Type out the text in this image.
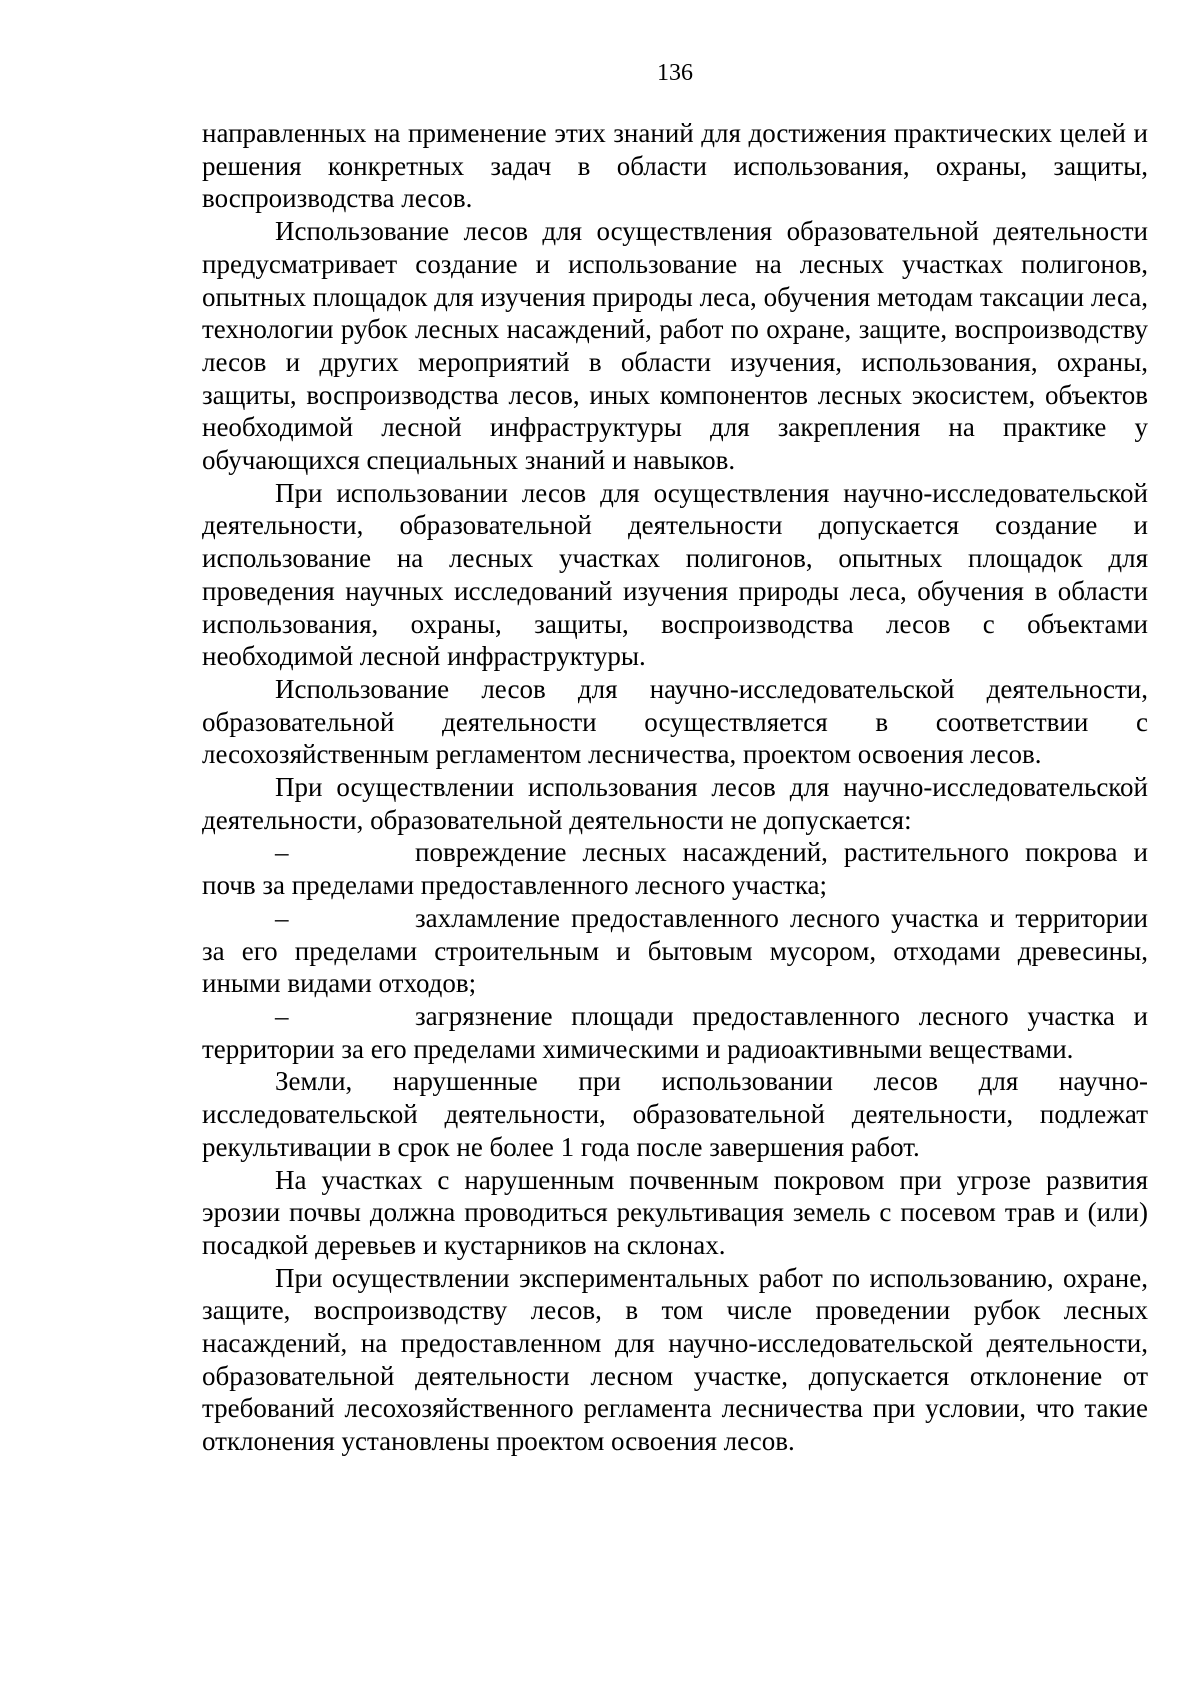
136

направленных на применение этих знаний для достижения практических целей и решения конкретных задач в области использования, охраны, защиты, воспроизводства лесов.

Использование лесов для осуществления образовательной деятельности предусматривает создание и использование на лесных участках полигонов, опытных площадок для изучения природы леса, обучения методам таксации леса, технологии рубок лесных насаждений, работ по охране, защите, воспроизводству лесов и других мероприятий в области изучения, использования, охраны, защиты, воспроизводства лесов, иных компонентов лесных экосистем, объектов необходимой лесной инфраструктуры для закрепления на практике у обучающихся специальных знаний и навыков.

При использовании лесов для осуществления научно-исследовательской деятельности, образовательной деятельности допускается создание и использование на лесных участках полигонов, опытных площадок для проведения научных исследований изучения природы леса, обучения в области использования, охраны, защиты, воспроизводства лесов с объектами необходимой лесной инфраструктуры.

Использование лесов для научно-исследовательской деятельности, образовательной деятельности осуществляется в соответствии с лесохозяйственным регламентом лесничества, проектом освоения лесов.

При осуществлении использования лесов для научно-исследовательской деятельности, образовательной деятельности не допускается:

–	повреждение лесных насаждений, растительного покрова и почв за пределами предоставленного лесного участка;

–	захламление предоставленного лесного участка и территории за его пределами строительным и бытовым мусором, отходами древесины, иными видами отходов;

–	загрязнение площади предоставленного лесного участка и территории за его пределами химическими и радиоактивными веществами.

Земли, нарушенные при использовании лесов для научно-исследовательской деятельности, образовательной деятельности, подлежат рекультивации в срок не более 1 года после завершения работ.

На участках с нарушенным почвенным покровом при угрозе развития эрозии почвы должна проводиться рекультивация земель с посевом трав и (или) посадкой деревьев и кустарников на склонах.

При осуществлении экспериментальных работ по использованию, охране, защите, воспроизводству лесов, в том числе проведении рубок лесных насаждений, на предоставленном для научно-исследовательской деятельности, образовательной деятельности лесном участке, допускается отклонение от требований лесохозяйственного регламента лесничества при условии, что такие отклонения установлены проектом освоения лесов.
